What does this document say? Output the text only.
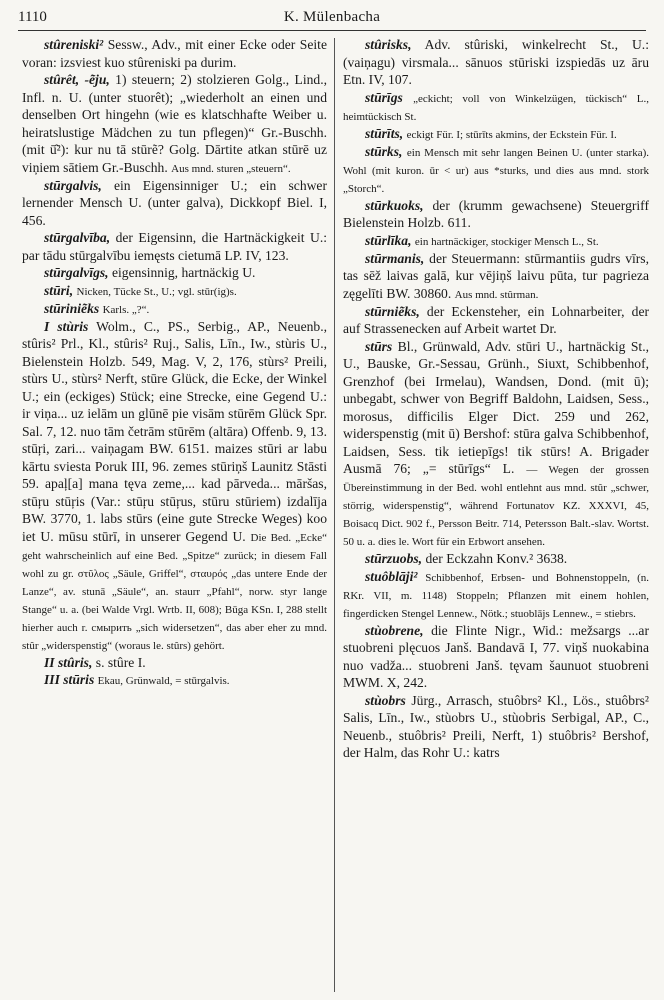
1110	K. Mülenbacha

stûreniski² Sessw., Adv., mit einer Ecke oder Seite voran: izsviest kuo stûreniski pa durim.

stûrêt, -ẽju, 1) steuern; 2) stolzieren Golg., Lind., Infl. n. U. (unter stuorêt); „wiederholt an einen und denselben Ort hingehn (wie es klatschhafte Weiber u. heiratslustige Mädchen zu tun pflegen)“ Gr.-Buschh. (mit ū̂²): kur nu tā stūrẽ? Golg. Dārtite atkan stūrē uz viņiem sātiem Gr.-Buschh. Aus mnd. sturen „steuern“.

stūrgalvis, ein Eigensinniger U.; ein schwer lernender Mensch U. (unter galva), Dickkopf Biel. I, 456.

stūrgalvība, der Eigensinn, die Hartnäckigkeit U.: par tādu stūrgalvību iemęsts cietumā LP. IV, 123.

stūrgalvīgs, eigensinnig, hartnäckig U.

stūri, Nicken, Tücke St., U.; vgl. stūr(ig)s.

stūriniẽks Karls. „?“.

I stùris Wolm., C., PS., Serbig., AP., Neuenb., stûris² Prl., Kl., stûris² Ruj., Salis, Līn., Iw., stùris U., Bielenstein Holzb. 549, Mag. V, 2, 176, stùrs² Preili, stùrs U., stùrs² Nerft, stūre Glück, die Ecke, der Winkel U.; ein (eckiges) Stück; eine Strecke, eine Gegend U.: ir viņa... uz ielām un glūnē pie visām stūrēm Glück Spr. Sal. 7, 12. nuo tām četrām stūrēm (altāra) Offenb. 9, 13. stūŗi, zari... vaiņagam BW. 6151. maizes stūri ar labu kārtu sviesta Poruk III, 96. zemes stūriņš Launitz Stāsti 59. apaļ[a] mana tęva zeme,... kad pārveda... māršas, stūŗu stūŗis (Var.: stūŗu stūŗus, stūru stūriem) izdalīja BW. 3770, 1. labs stūrs (eine gute Strecke Weges) koo iet U. mūsu stūrī, in unserer Gegend U. Die Bed. „Ecke“ geht wahrscheinlich auf eine Bed. „Spitze“ zurück; in diesem Fall wohl zu gr. στῦλος „Säule, Griffel“, σταυρός „das untere Ende der Lanze“, av. stunā „Säule“, an. staurr „Pfahl“, norw. styr lange Stange“ u. a. (bei Walde Vrgl. Wrtb. II, 608); Būga KSn. I, 288 stellt hierher auch r. смырить „sich widersetzen“, das aber eher zu mnd. stûr „widerspenstig“ (woraus le. stûrs) gehört.

II stûris, s. stûre I.

III stūris Ekau, Grünwald, = stūrgalvis.

stûrisks, Adv. stûriski, winkelrecht St., U.: (vaiņagu) virsmala... sānuos stūriski izspiedās uz āru Etn. IV, 107.

stūrīgs „eckicht; voll von Winkelzügen, tückisch“ L., heimtückisch St.

stūrīts, eckigt Für. I; stūrīts akmins, der Eckstein Für. I.

stūrks, ein Mensch mit sehr langen Beinen U. (unter starka). Wohl (mit kuron. ūr < ur) aus *sturks, und dies aus mnd. stork „Storch“.

stūrkuoks, der (krumm gewachsene) Steuergriff Bielenstein Holzb. 611.

stūrlīka, ein hartnäckiger, stockiger Mensch L., St.

stūrmanis, der Steuermann: stūrmantiis gudrs vīrs, tas sēž laivas galā, kur vējiņš laivu pūta, tur pagrieza zęgelīti BW. 30860. Aus mnd. stûrman.

stūrniẽks, der Eckensteher, ein Lohnarbeiter, der auf Strassenecken auf Arbeit wartet Dr.

stūrs Bl., Grünwald, Adv. stūri U., hartnäckig St., U., Bauske, Gr.-Sessau, Grünh., Siuxt, Schibbenhof, Grenzhof (bei Irmelau), Wandsen, Dond. (mit ū); unbegabt, schwer von Begriff Baldohn, Laidsen, Sess., morosus, difficilis Elger Dict. 259 und 262, widerspenstig (mit ū) Bershof: stūra galva Schibbenhof, Laidsen, Sess. tik ietiepīgs! tik stūrs! A. Brigader Ausmā 76; „= stūrīgs“ L. — Wegen der grossen Übereinstimmung in der Bed. wohl entlehnt aus mnd. stûr „schwer, störrig, widerspenstig“, während Fortunatov KZ. XXXVI, 45, Boisacq Dict. 902 f., Persson Beitr. 714, Petersson Balt.-slav. Wortst. 50 u. a. dies le. Wort für ein Erbwort ansehen.

stūrzuobs, der Eckzahn Konv.² 3638.

stuôblāji² Schibbenhof, Erbsen- und Bohnenstoppeln, (n. RKr. VII, m. 1148) Stoppeln; Pflanzen mit einem hohlen, fingerdicken Stengel Lennew., Nötk.; stuoblājs Lennew., = stiebrs.

stùobrene, die Flinte Nigr., Wid.: mežsargs ...ar stuobreni plęcuos Janš. Bandavā I, 77. viņš nuokabina nuo vadža... stuobreni Janš. tęvam šaunuot stuobreni MWM. X, 242.

stùobrs Jürg., Arrasch, stuôbrs² Kl., Lös., stuôbrs² Salis, Līn., Iw., stùobrs U., stùobris Serbigal, AP., C., Neuenb., stuôbris² Preili, Nerft, 1) stuôbris² Bershof, der Halm, das Rohr U.: katrs
